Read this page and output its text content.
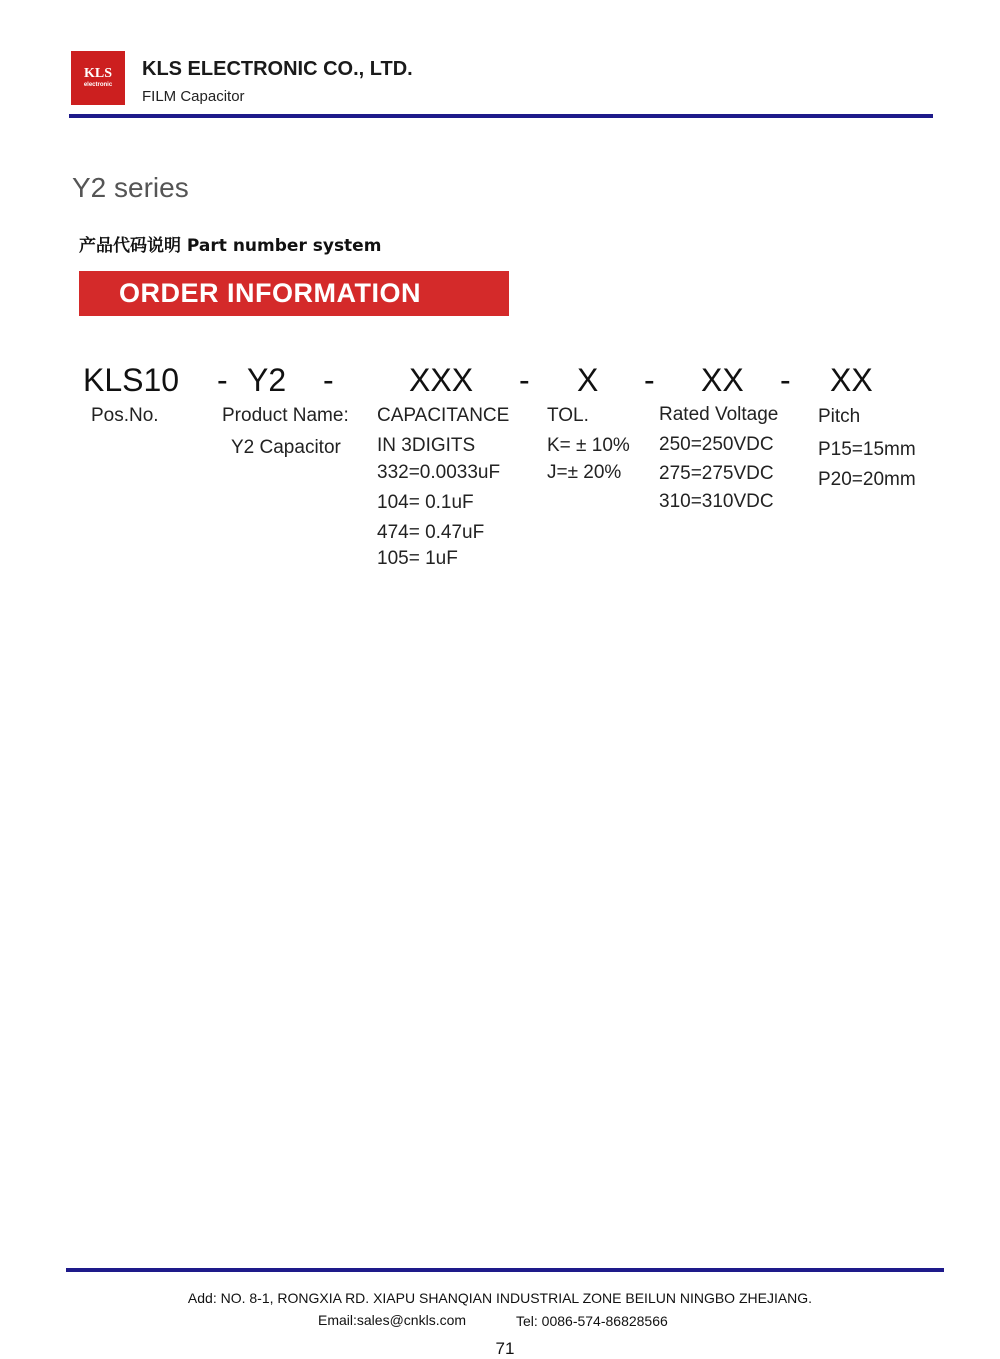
KLS
electronic
KLS ELECTRONIC CO., LTD.
FILM Capacitor
Y2 series
产品代码说明 Part number system
ORDER INFORMATION
KLS10 - Y2 - XXX - X - XX - XX
Pos.No.	Product Name:
Y2 Capacitor
CAPACITANCE
IN 3DIGITS
332=0.0033uF
104= 0.1uF
474= 0.47uF
105= 1uF
TOL.
K= ± 10%
J=± 20%
Rated Voltage
250=250VDC
275=275VDC
310=310VDC
Pitch
P15=15mm
P20=20mm
Add: NO. 8-1, RONGXIA RD. XIAPU SHANQIAN INDUSTRIAL ZONE BEILUN NINGBO ZHEJIANG.
Email:sales@cnkls.com	Tel: 0086-574-86828566
71
